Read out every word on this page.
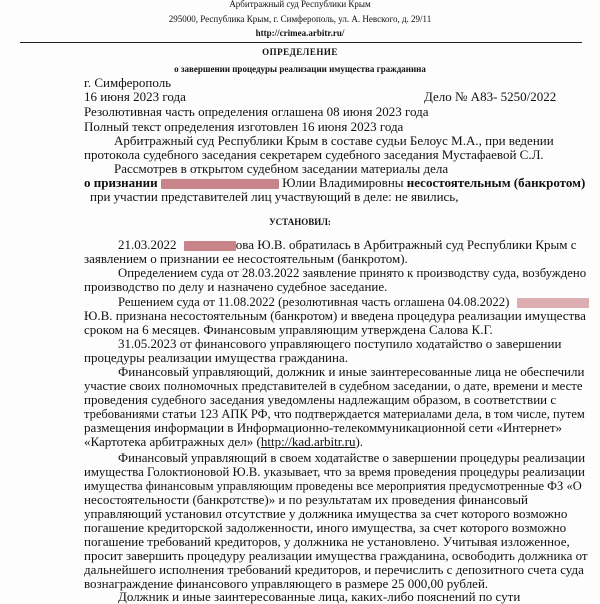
Арбитражный суд Республики Крым
295000, Республика Крым, г. Симферополь, ул. А. Невского, д. 29/11
http://crimea.arbitr.ru/
ОПРЕДЕЛЕНИЕ
о завершении процедуры реализации имущества гражданина
г. Симферополь
16 июня 2023 года	Дело № А83- 5250/2022
Резолютивная часть определения оглашена 08 июня 2023 года
Полный текст определения изготовлен 16 июня 2023 года
Арбитражный суд Республики Крым в составе судьи Белоус М.А., при ведении
протокола судебного заседания секретарем судебного заседания Мустафаевой С.Л.
Рассмотрев в открытом судебном заседании материалы дела
о признании	Юлии Владимировны несостоятельным (банкротом)
при участии представителей лиц участвующий в деле: не явились,
УСТАНОВИЛ:
21.03.2022	ова Ю.В. обратилась в Арбитражный суд Республики Крым с
заявлением о признании ее несостоятельным (банкротом).
Определением суда от 28.03.2022 заявление принято к производству суда, возбуждено
производство по делу и назначено судебное заседание.
Решением суда от 11.08.2022 (резолютивная часть оглашена 04.08.2022)
Ю.В. признана несостоятельным (банкротом) и введена процедура реализации имущества
сроком на 6 месяцев. Финансовым управляющим утверждена Салова К.Г.
31.05.2023 от финансового управляющего поступило ходатайство о завершении
процедуры реализации имущества гражданина.
Финансовый управляющий, должник и иные заинтересованные лица не обеспечили
участие своих полномочных представителей в судебном заседании, о дате, времени и месте
проведения судебного заседания уведомлены надлежащим образом, в соответствии с
требованиями статьи 123 АПК РФ, что подтверждается материалами дела, в том числе, путем
размещения информации в Информационно-телекоммуникационной сети «Интернет»
«Картотека арбитражных дел» (http://kad.arbitr.ru).
Финансовый управляющий в своем ходатайстве о завершении процедуры реализации
имущества Голоктионовой Ю.В. указывает, что за время проведения процедуры реализации
имущества финансовым управляющим проведены все мероприятия предусмотренные ФЗ «О
несостоятельности (банкротстве)» и по результатам их проведения финансовый
управляющий установил отсутствие у должника имущества за счет которого возможно
погашение кредиторской задолженности, иного имущества, за счет которого возможно
погашение требований кредиторов, у должника не установлено. Учитывая изложенное,
просит завершить процедуру реализации имущества гражданина, освободить должника от
дальнейшего исполнения требований кредиторов, и перечислить с депозитного счета суда
вознаграждение финансового управляющего в размере 25 000,00 рублей.
Должник и иные заинтересованные лица, каких-либо пояснений по сути
